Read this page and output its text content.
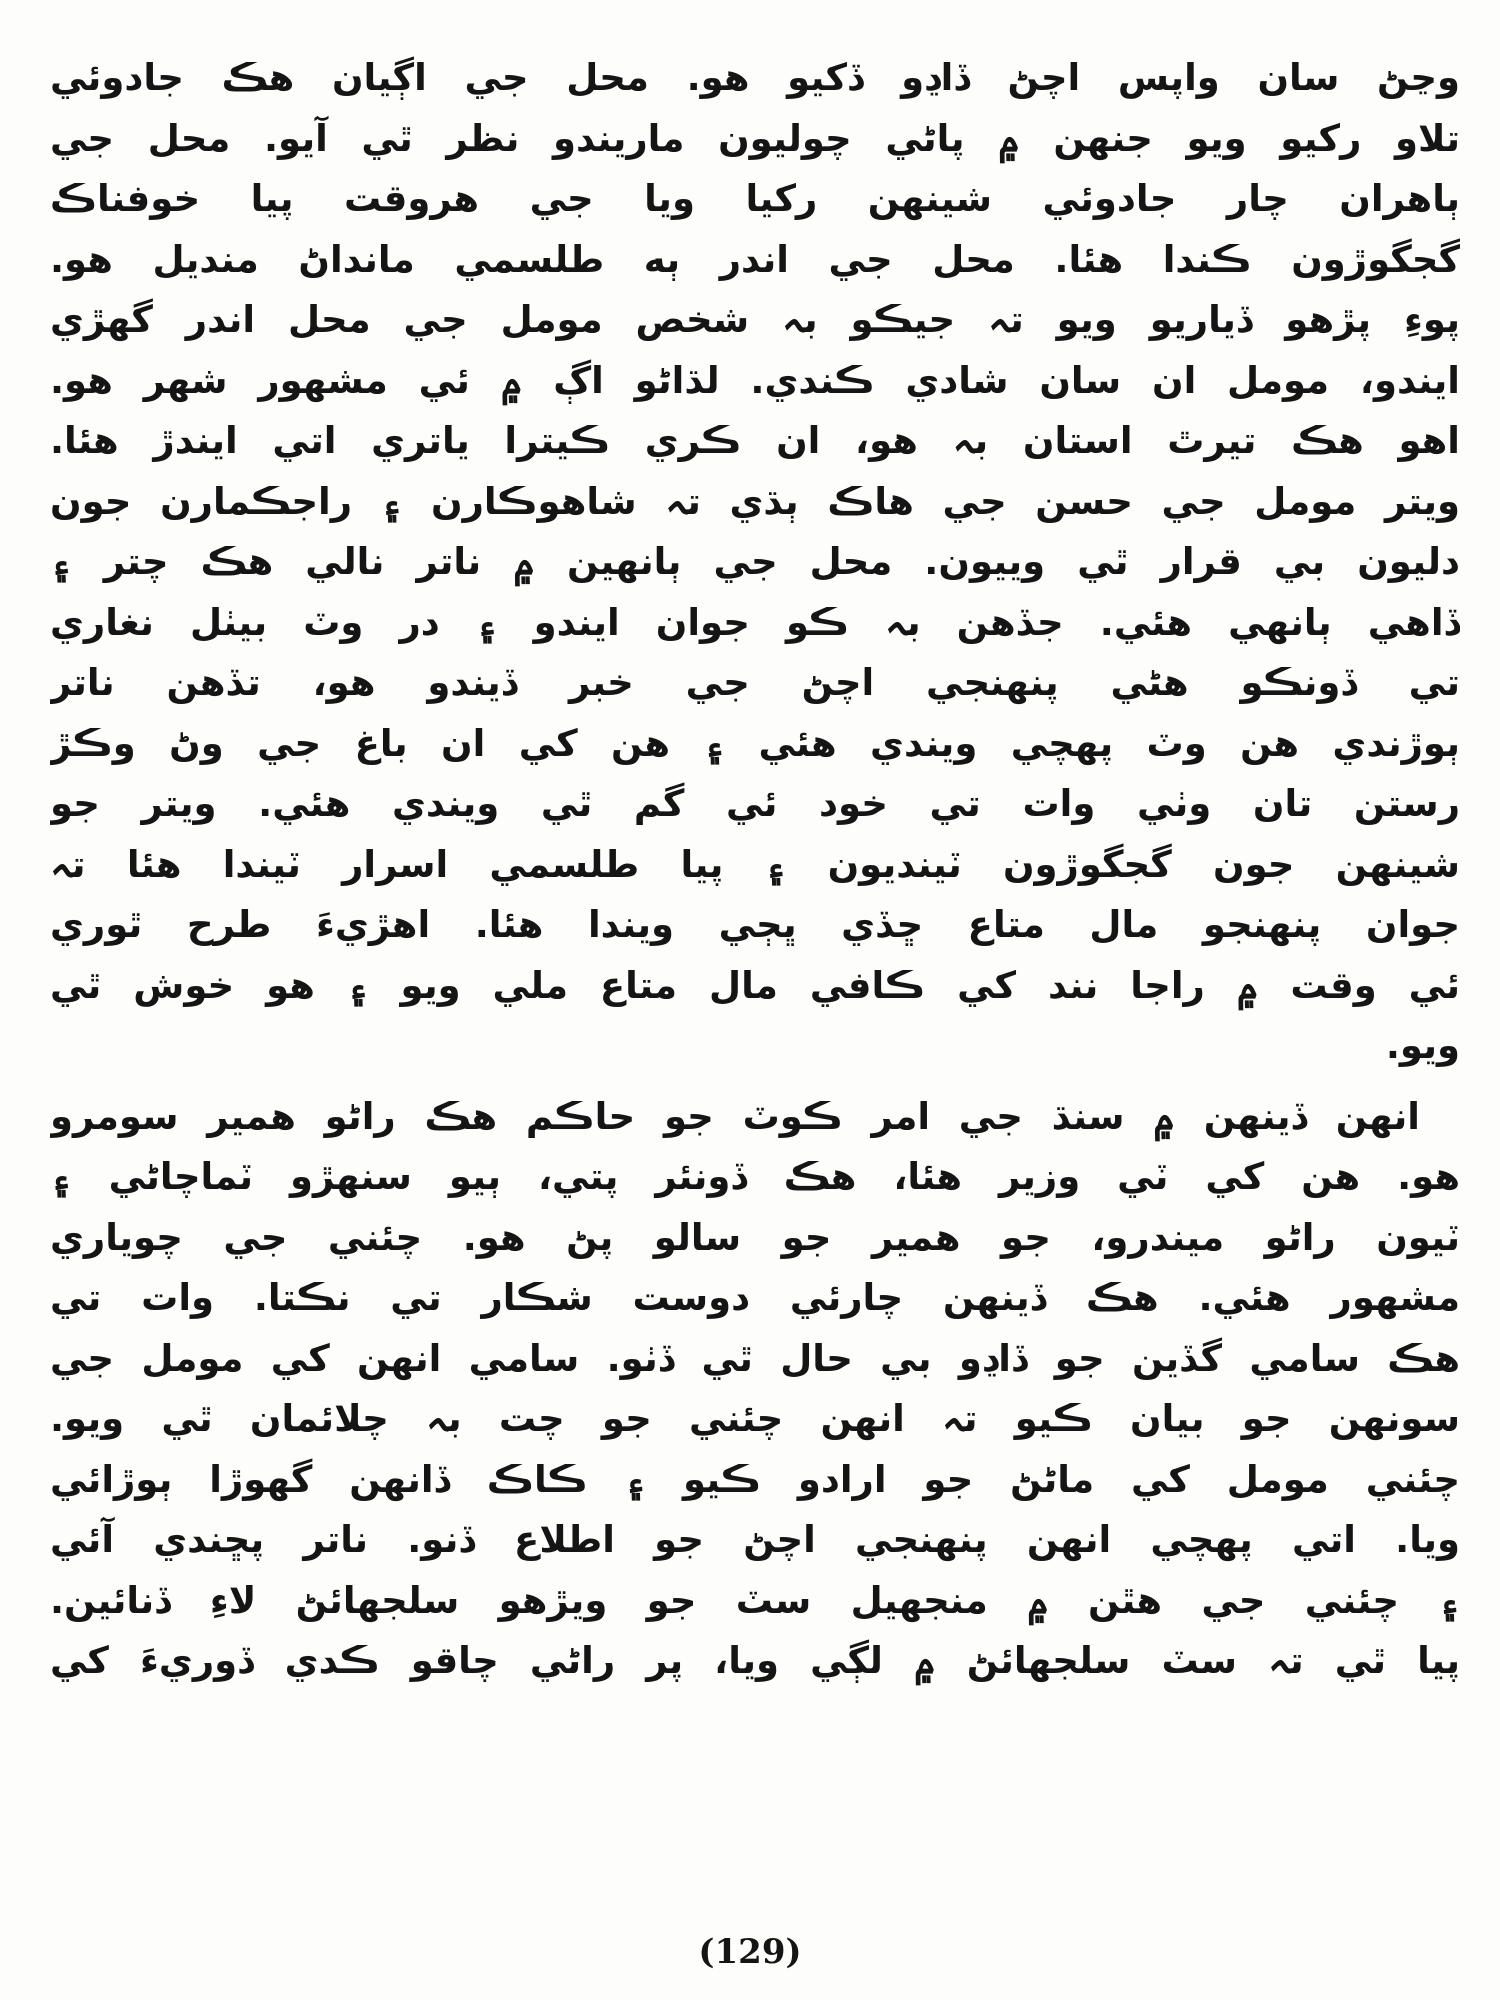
وڃڻ سان واپس اچڻ ڏاڍو ڏکيو هو. محل جي اڳيان هڪ جادوئي
تلاو رکيو ويو جنهن ۾ پاڻي چوليون ماريندو نظر ٿي آيو. محل جي
ٻاهران چار جادوئي شينهن رکيا ويا جي هروقت پيا خوفناڪ
گجگوڙون ڪندا هئا. محل جي اندر ٻه طلسمي مانداڻ منديل هو.
پوءِ پڙهو ڏياريو ويو تہ جيڪو بہ شخص مومل جي محل اندر گهڙي
ايندو، مومل ان سان شادي ڪندي. لڌاڻو اڳ ۾ ئي مشهور شهر هو.
اهو هڪ تيرٿ استان بہ هو، ان ڪري ڪيترا ياتري اتي ايندڙ هئا.
ويتر مومل جي حسن جي هاڪ ٻڌي تہ شاهوڪارن ۽ راجڪمارن جون
دليون بي قرار ٿي وييون. محل جي ٻانهين ۾ ناتر نالي هڪ چتر ۽
ڏاهي ٻانهي هئي. جڏهن بہ ڪو جوان ايندو ۽ در وٽ بيٺل نغاري
تي ڏونڪو هڻي پنهنجي اچڻ جي خبر ڏيندو هو، تڏهن ناتر
ٻوڙندي هن وٽ پهچي ويندي هئي ۽ هن کي ان باغ جي وڻ وڪڙ
رستن تان وٺي وات تي خود ئي گم ٿي ويندي هئي. ويتر جو
شينهن جون گجگوڙون ٽينديون ۽ پيا طلسمي اسرار ٽيندا هئا تہ
جوان پنهنجو مال متاع ڇڏي ڀڄي ويندا هئا. اهڙيءَ طرح ٿوري
ئي وقت ۾ راجا نند کي ڪافي مال متاع ملي ويو ۽ هو خوش ٿي
ويو.
انهن ڏينهن ۾ سنڌ جي امر ڪوٽ جو حاڪم هڪ راڻو همير سومرو
هو. هن کي ٽي وزير هئا، هڪ ڏونئر پتي، ٻيو سنهڙو ٽماچاڻي ۽
ٽيون راڻو ميندرو، جو همير جو سالو پڻ هو. چئني جي چوياري
مشهور هئي. هڪ ڏينهن چارئي دوست شڪار تي نڪتا. وات تي
هڪ سامي گڏين جو ڏاڍو بي حال ٿي ڏٺو. سامي انهن کي مومل جي
سونهن جو بيان ڪيو تہ انهن چئني جو چت بہ چلائمان ٿي ويو.
چئني مومل کي ماڻڻ جو ارادو ڪيو ۽ ڪاڪ ڏانهن گهوڙا ٻوڙائي
ويا. اتي پهچي انهن پنهنجي اچڻ جو اطلاع ڏنو. ناتر پڇندي آئي
۽ چئني جي هٿن ۾ منجهيل سٽ جو ويڙهو سلجهائڻ لاءِ ڏنائين.
پيا ٿي تہ سٽ سلجهائڻ ۾ لڳي ويا، پر راڻي چاقو ڪدي ڏوريءَ کي
(129)
